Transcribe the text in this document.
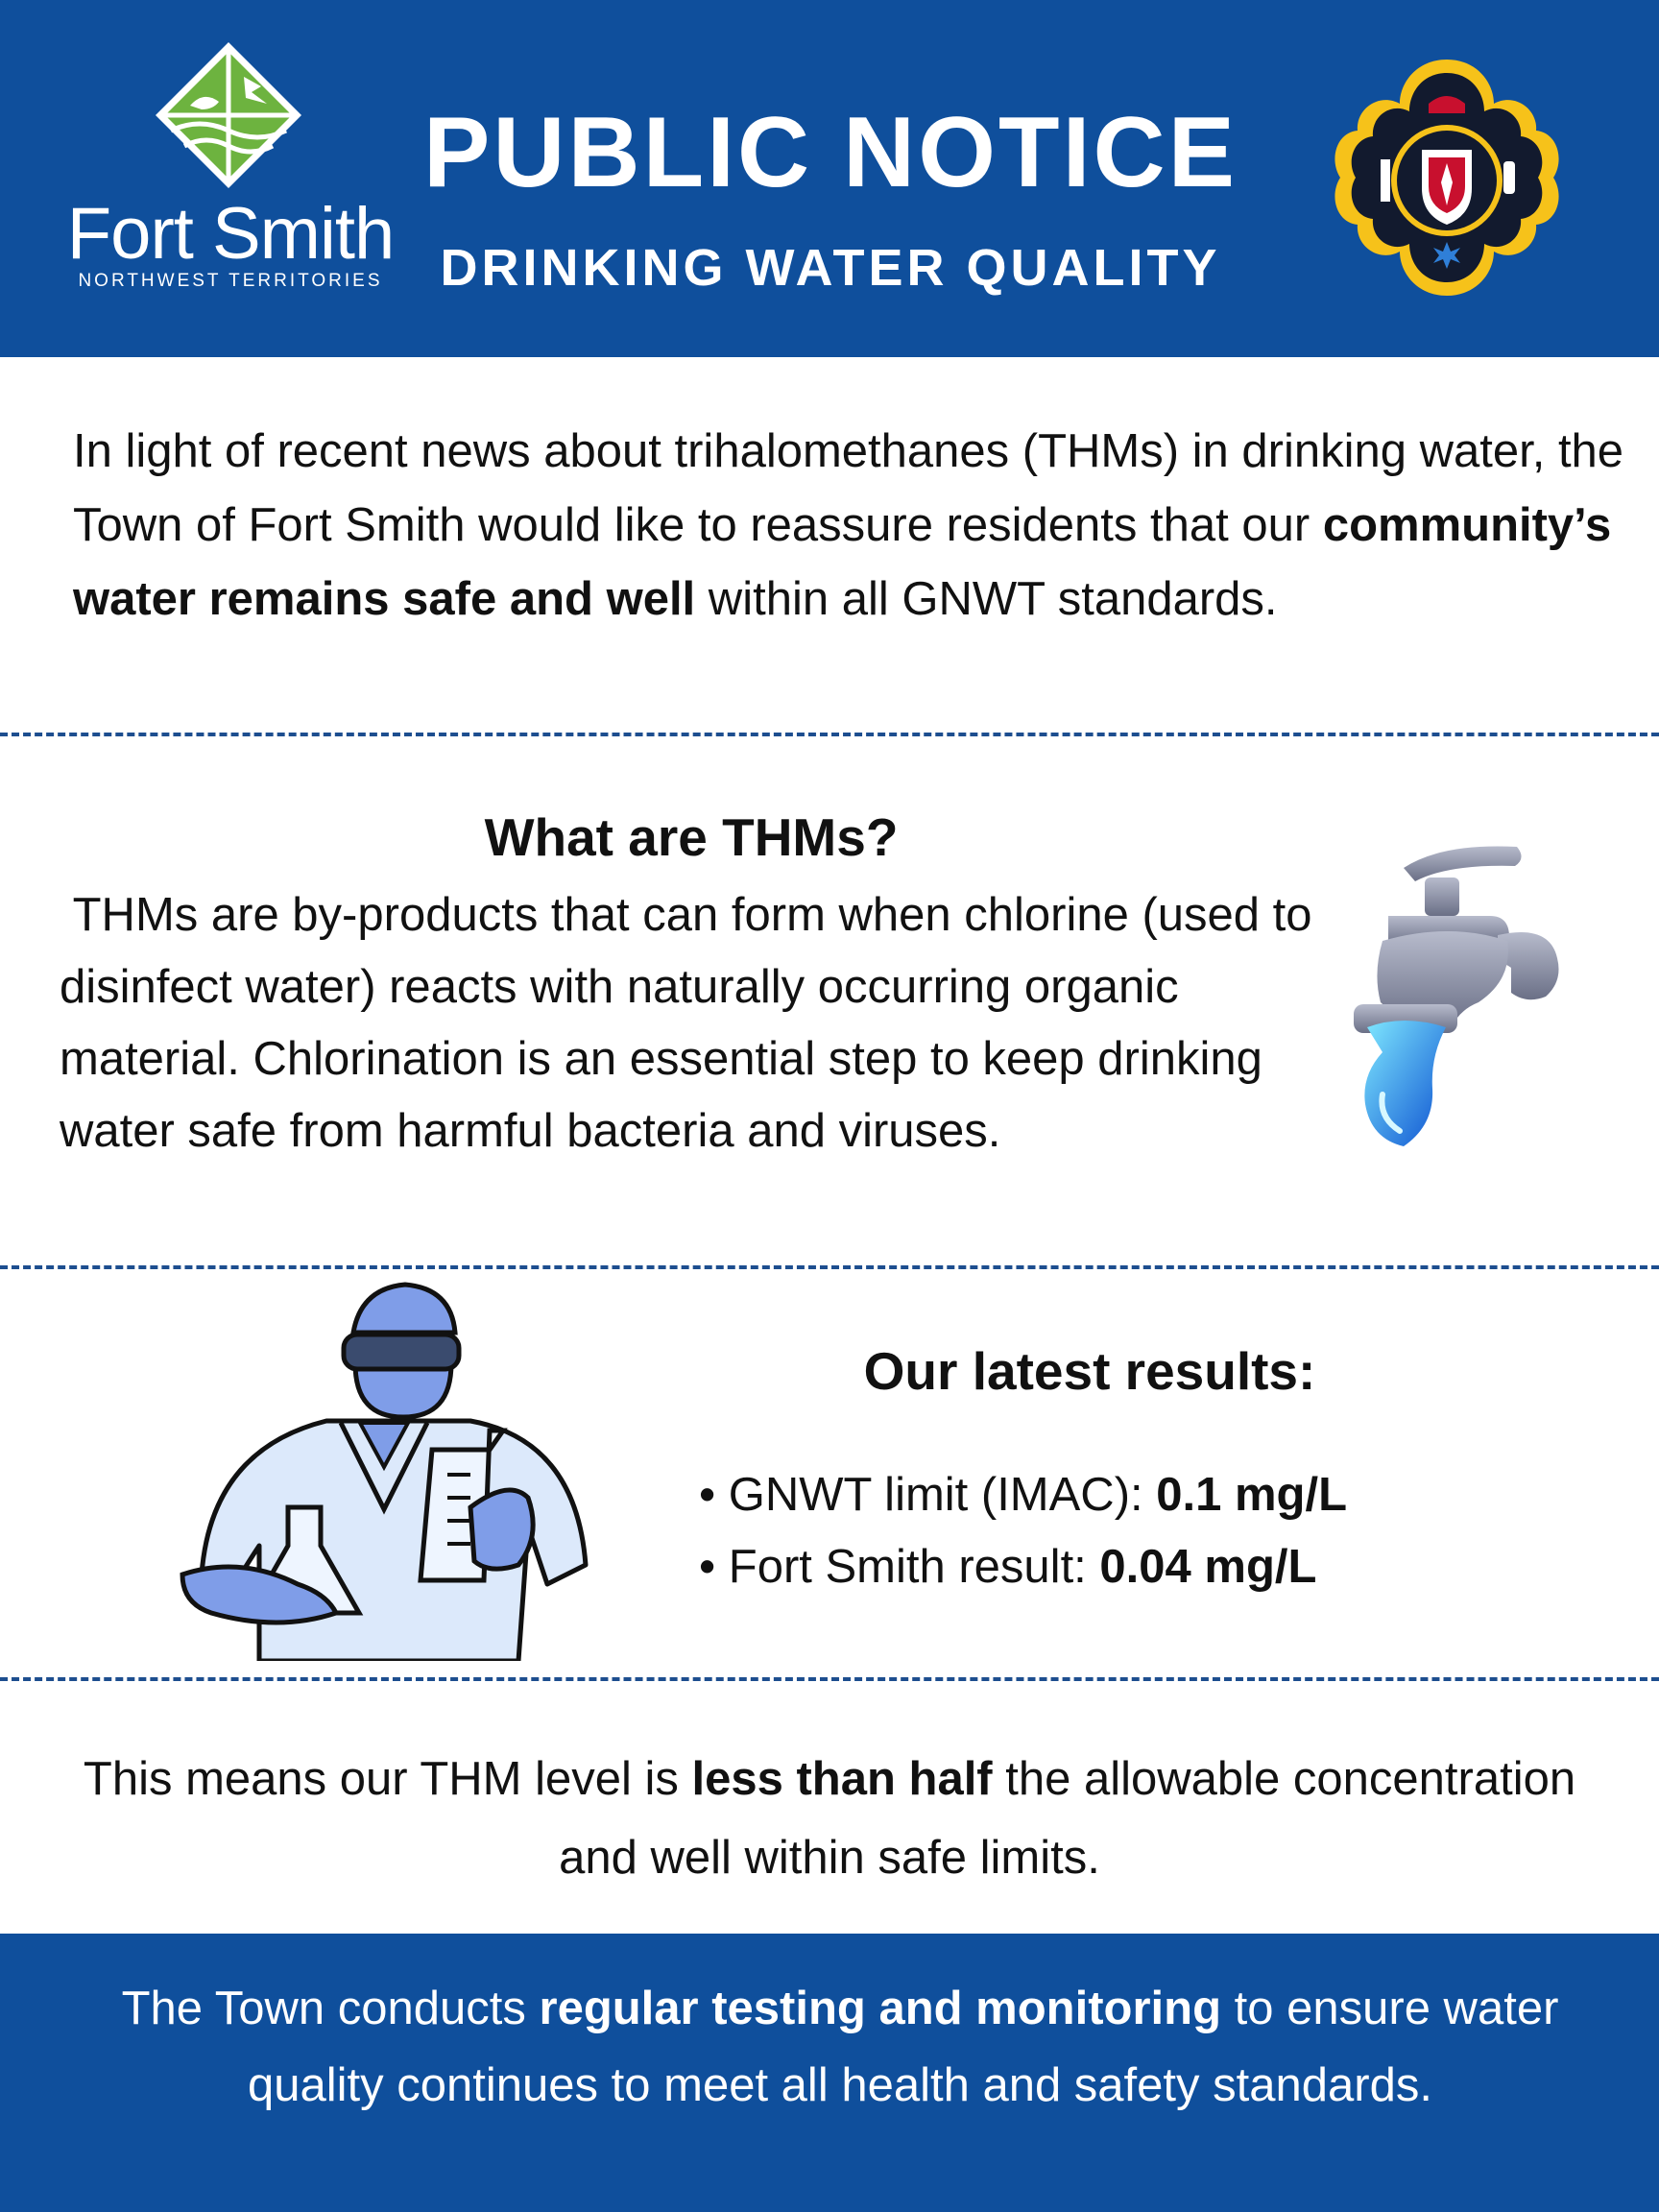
Fort Smith
NORTHWEST TERRITORIES
PUBLIC NOTICE
DRINKING WATER QUALITY
In light of recent news about trihalomethanes (THMs) in drinking water, the Town of Fort Smith would like to reassure residents that our community’s water remains safe and well within all GNWT standards.
What are THMs?
THMs are by-products that can form when chlorine (used to disinfect water) reacts with naturally occurring organic material. Chlorination is an essential step to keep drinking water safe from harmful bacteria and viruses.
Our latest results:
• GNWT limit (IMAC): 0.1 mg/L
• Fort Smith result: 0.04 mg/L
This means our THM level is less than half the allowable concentration and well within safe limits.
The Town conducts regular testing and monitoring to ensure water quality continues to meet all health and safety standards.
